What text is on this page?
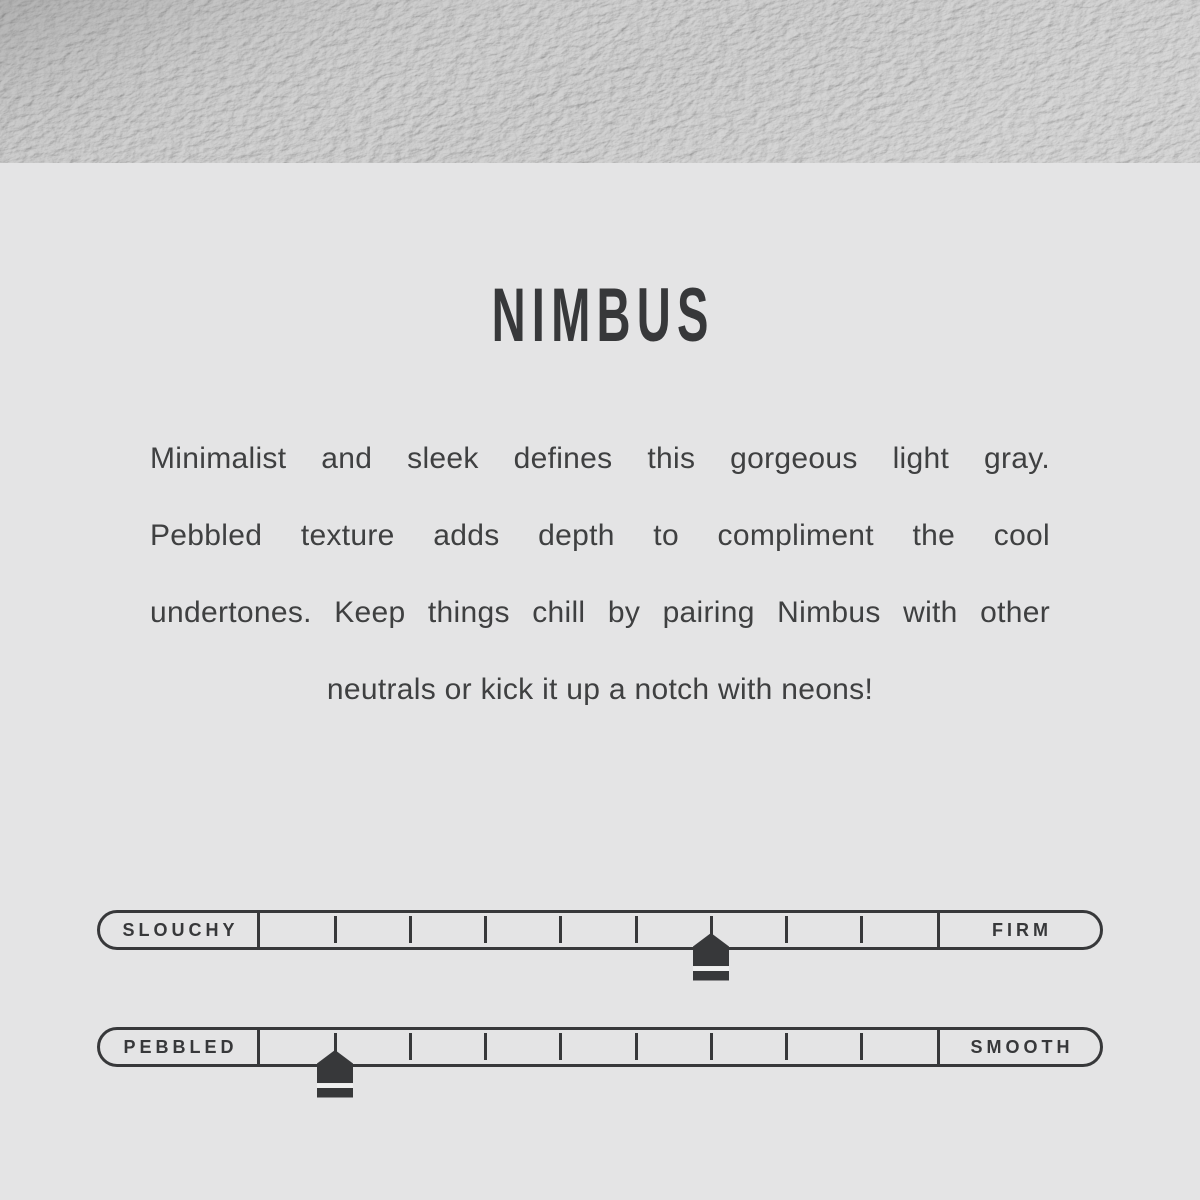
NIMBUS
Minimalist and sleek defines this gorgeous light gray.
Pebbled texture adds depth to compliment the cool
undertones. Keep things chill by pairing Nimbus with other
neutrals or kick it up a notch with neons!
SLOUCHY	FIRM
PEBBLED	SMOOTH
